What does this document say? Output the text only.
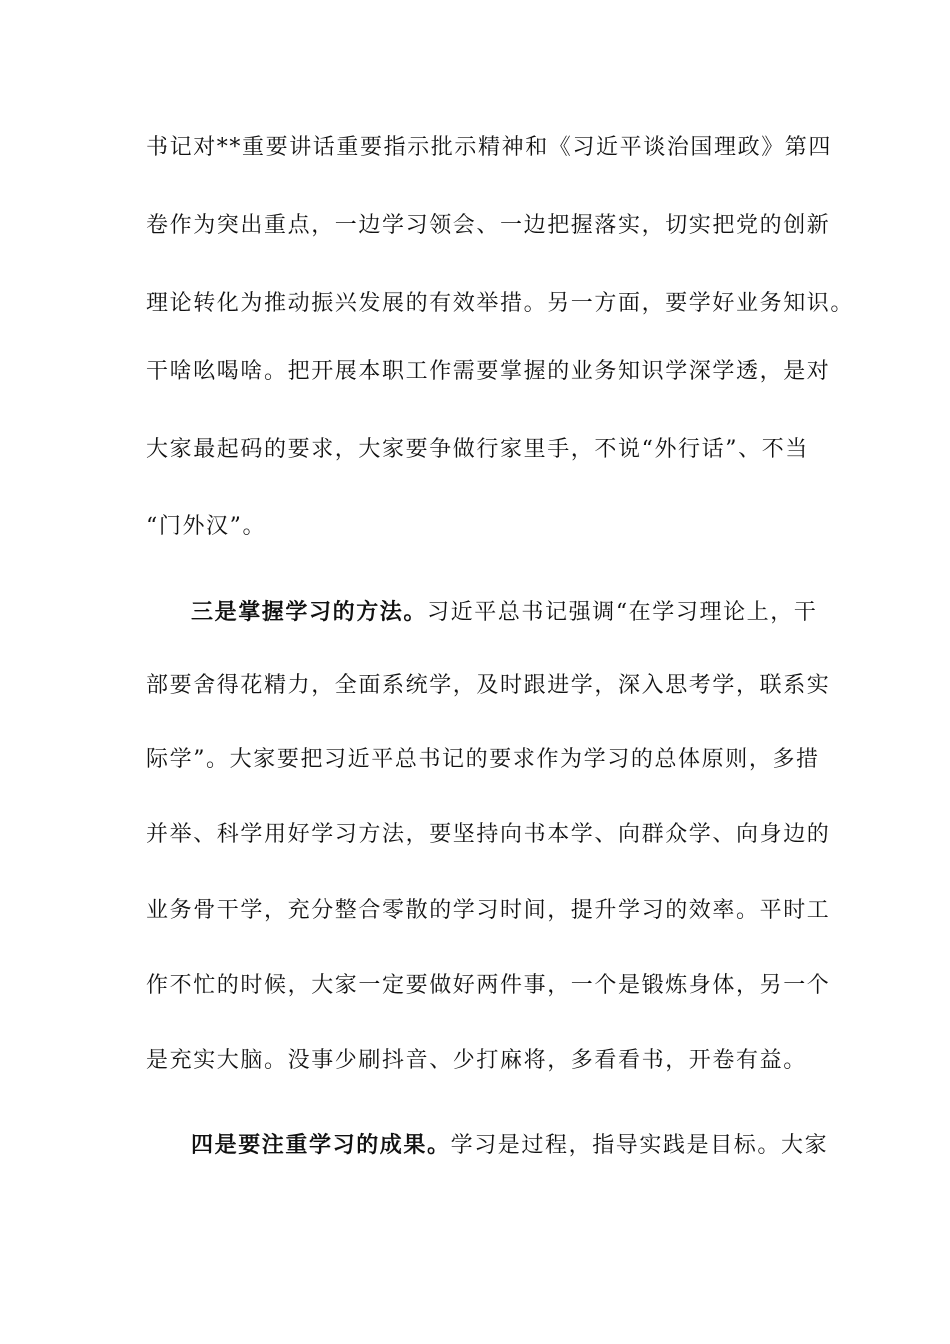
书记对**重要讲话重要指示批示精神和《习近平谈治国理政》第四
卷作为突出重点，一边学习领会、一边把握落实，切实把党的创新
理论转化为推动振兴发展的有效举措。另一方面，要学好业务知识。
干啥吆喝啥。把开展本职工作需要掌握的业务知识学深学透，是对
大家最起码的要求，大家要争做行家里手，不说“外行话”、不当
“门外汉”。
三是掌握学习的方法。习近平总书记强调“在学习理论上，干
部要舍得花精力，全面系统学，及时跟进学，深入思考学，联系实
际学”。大家要把习近平总书记的要求作为学习的总体原则，多措
并举、科学用好学习方法，要坚持向书本学、向群众学、向身边的
业务骨干学，充分整合零散的学习时间，提升学习的效率。平时工
作不忙的时候，大家一定要做好两件事，一个是锻炼身体，另一个
是充实大脑。没事少刷抖音、少打麻将，多看看书，开卷有益。
四是要注重学习的成果。学习是过程，指导实践是目标。大家
